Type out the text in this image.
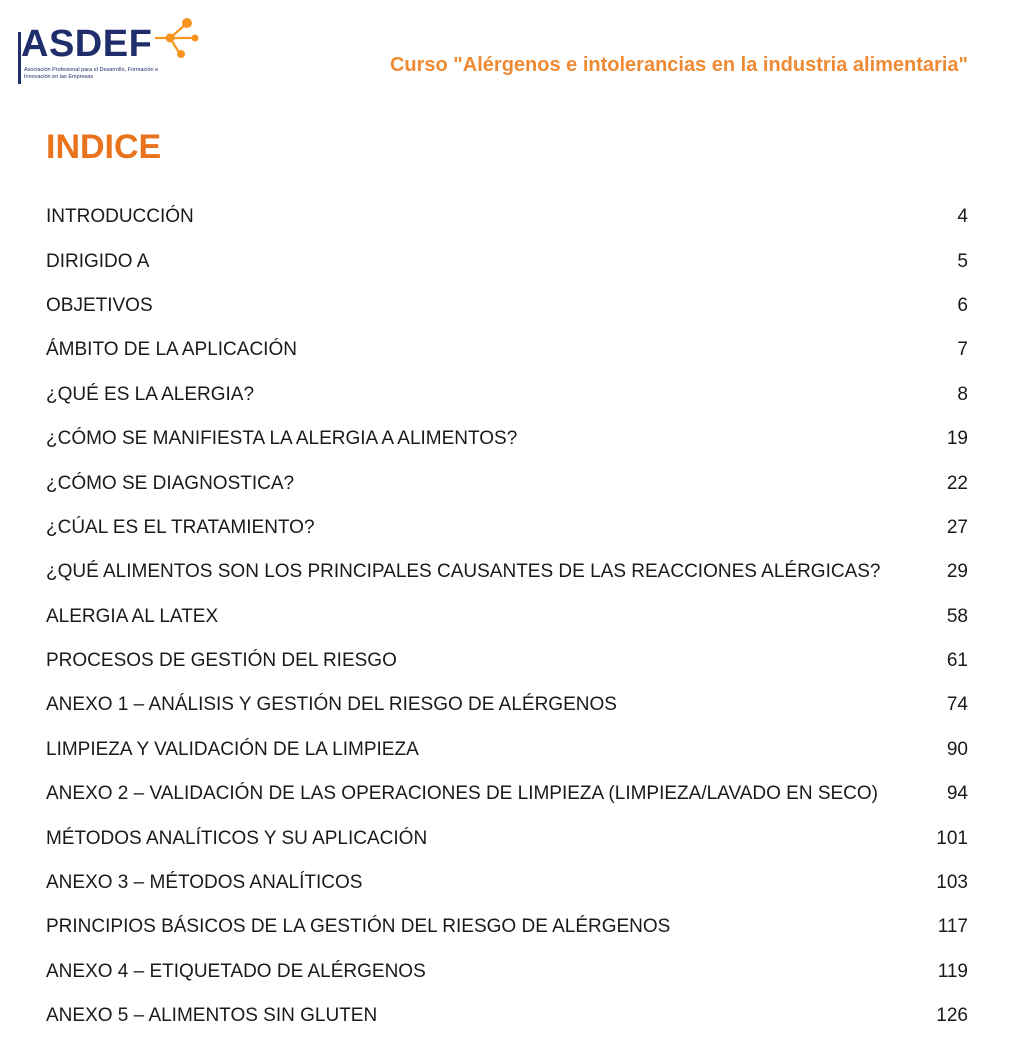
ASDEF
Asociación Profesional para el Desarrollo, Formación e Innovación en las Empresas
Curso "Alérgenos e intolerancias en la industria alimentaria"
INDICE
INTRODUCCIÓN	4
DIRIGIDO A	5
OBJETIVOS	6
ÁMBITO DE LA APLICACIÓN	7
¿QUÉ ES LA ALERGIA?	8
¿CÓMO SE MANIFIESTA LA ALERGIA A ALIMENTOS?	19
¿CÓMO SE DIAGNOSTICA?	22
¿CÚAL ES EL TRATAMIENTO?	27
¿QUÉ ALIMENTOS SON LOS PRINCIPALES CAUSANTES DE LAS REACCIONES ALÉRGICAS?	29
ALERGIA AL LATEX	58
PROCESOS DE GESTIÓN DEL RIESGO	61
ANEXO 1 – ANÁLISIS Y GESTIÓN DEL RIESGO DE ALÉRGENOS	74
LIMPIEZA Y VALIDACIÓN DE LA LIMPIEZA	90
ANEXO 2 – VALIDACIÓN DE LAS OPERACIONES DE LIMPIEZA (LIMPIEZA/LAVADO EN SECO)	94
MÉTODOS ANALÍTICOS Y SU APLICACIÓN	101
ANEXO 3 – MÉTODOS ANALÍTICOS	103
PRINCIPIOS BÁSICOS DE LA GESTIÓN DEL RIESGO DE ALÉRGENOS	117
ANEXO 4 – ETIQUETADO DE ALÉRGENOS	119
ANEXO 5 – ALIMENTOS SIN GLUTEN	126
